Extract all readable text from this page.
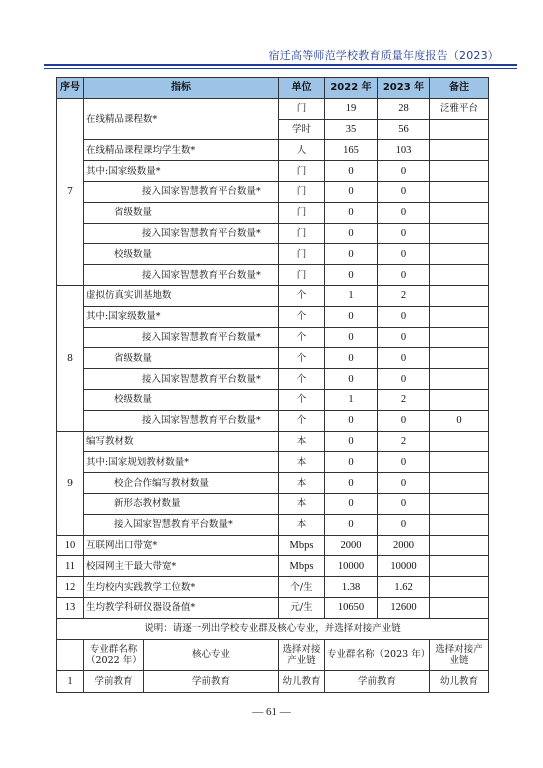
宿迁高等师范学校教育质量年度报告（2023）
序号	指标		单位	2022 年	2023 年	备注
7	在线精品课程数*		门	19	28	泛雅平台
			学时	35	56	
	在线精品课程课均学生数*		人	165	103	
	其中:国家级数量*		门	0	0	
	接入国家智慧教育平台数量*		门	0	0	
	省级数量		门	0	0	
	接入国家智慧教育平台数量*		门	0	0	
	校级数量		门	0	0	
	接入国家智慧教育平台数量*		门	0	0	
8	虚拟仿真实训基地数		个	1	2	
	其中:国家级数量*		个	0	0	
	接入国家智慧教育平台数量*		个	0	0	
	省级数量		个	0	0	
	接入国家智慧教育平台数量*		个	0	0	
	校级数量		个	1	2	
	接入国家智慧教育平台数量*		个	0	0	0
9	编写教材数		本	0	2	
	其中:国家规划教材数量*		本	0	0	
	校企合作编写教材数量		本	0	0	
	新形态教材数量		本	0	0	
	接入国家智慧教育平台数量*		本	0	0	
10	互联网出口带宽*		Mbps	2000	2000	
11	校园网主干最大带宽*		Mbps	10000	10000	
12	生均校内实践教学工位数*		个/生	1.38	1.62	
13	生均教学科研仪器设备值*		元/生	10650	12600	
说明：请逐一列出学校专业群及核心专业，并选择对接产业链						
	专业群名称（2022 年）	核心专业	选择对接产业链	专业群名称（2023 年）		选择对接产业链
1	学前教育	学前教育	幼儿教育	学前教育		幼儿教育
— 61 —
